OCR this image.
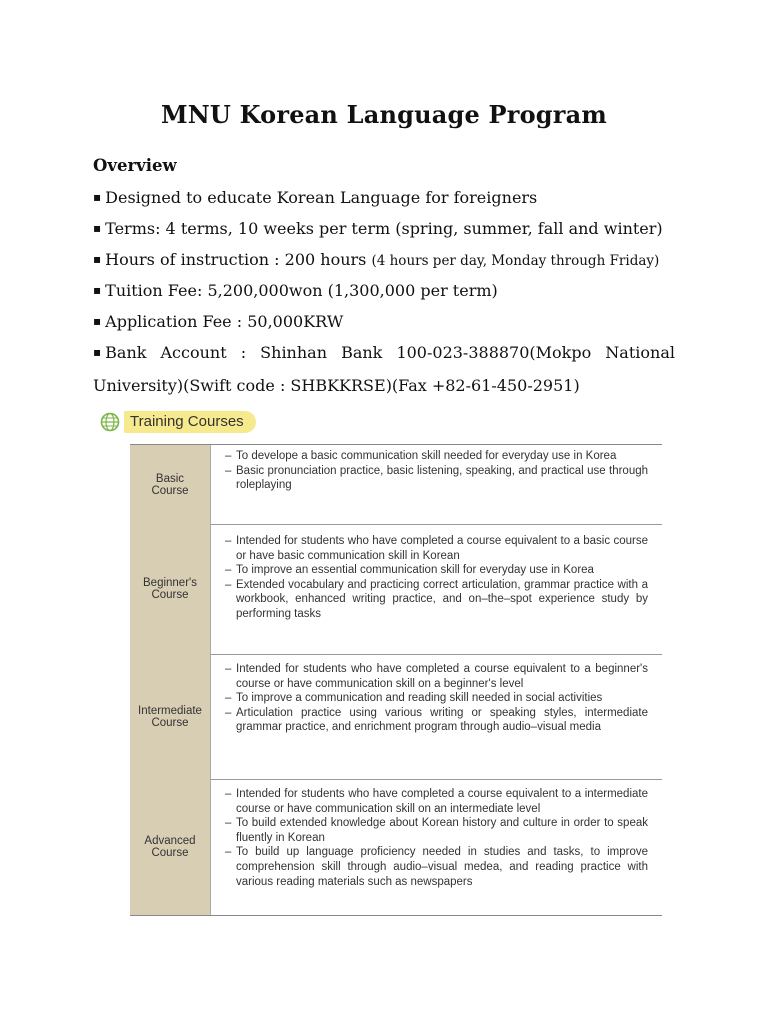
MNU Korean Language Program
Overview
▪ Designed to educate Korean Language for foreigners
▪ Terms: 4 terms, 10 weeks per term (spring, summer, fall and winter)
▪ Hours of instruction : 200 hours (4 hours per day, Monday through Friday)
▪ Tuition Fee: 5,200,000won (1,300,000 per term)
▪ Application Fee : 50,000KRW
▪ Bank Account : Shinhan Bank 100-023-388870(Mokpo National
University)(Swift code : SHBKKRSE)(Fax +82-61-450-2951)
Training Courses
Basic
Course
– To develope a basic communication skill needed for everyday use in Korea
– Basic pronunciation practice, basic listening, speaking, and practical use through roleplaying
Beginner's
Course
– Intended for students who have completed a course equivalent to a basic course or have basic communication skill in Korean
– To improve an essential communication skill for everyday use in Korea
– Extended vocabulary and practicing correct articulation, grammar practice with a workbook, enhanced writing practice, and on–the–spot experience study by performing tasks
Intermediate
Course
– Intended for students who have completed a course equivalent to a beginner's course or have communication skill on a beginner's level
– To improve a communication and reading skill needed in social activities
– Articulation practice using various writing or speaking styles, intermediate grammar practice, and enrichment program through audio–visual media
Advanced
Course
– Intended for students who have completed a course equivalent to a intermediate course or have communication skill on an intermediate level
– To build extended knowledge about Korean history and culture in order to speak fluently in Korean
– To build up language proficiency needed in studies and tasks, to improve comprehension skill through audio–visual medea, and reading practice with various reading materials such as newspapers
